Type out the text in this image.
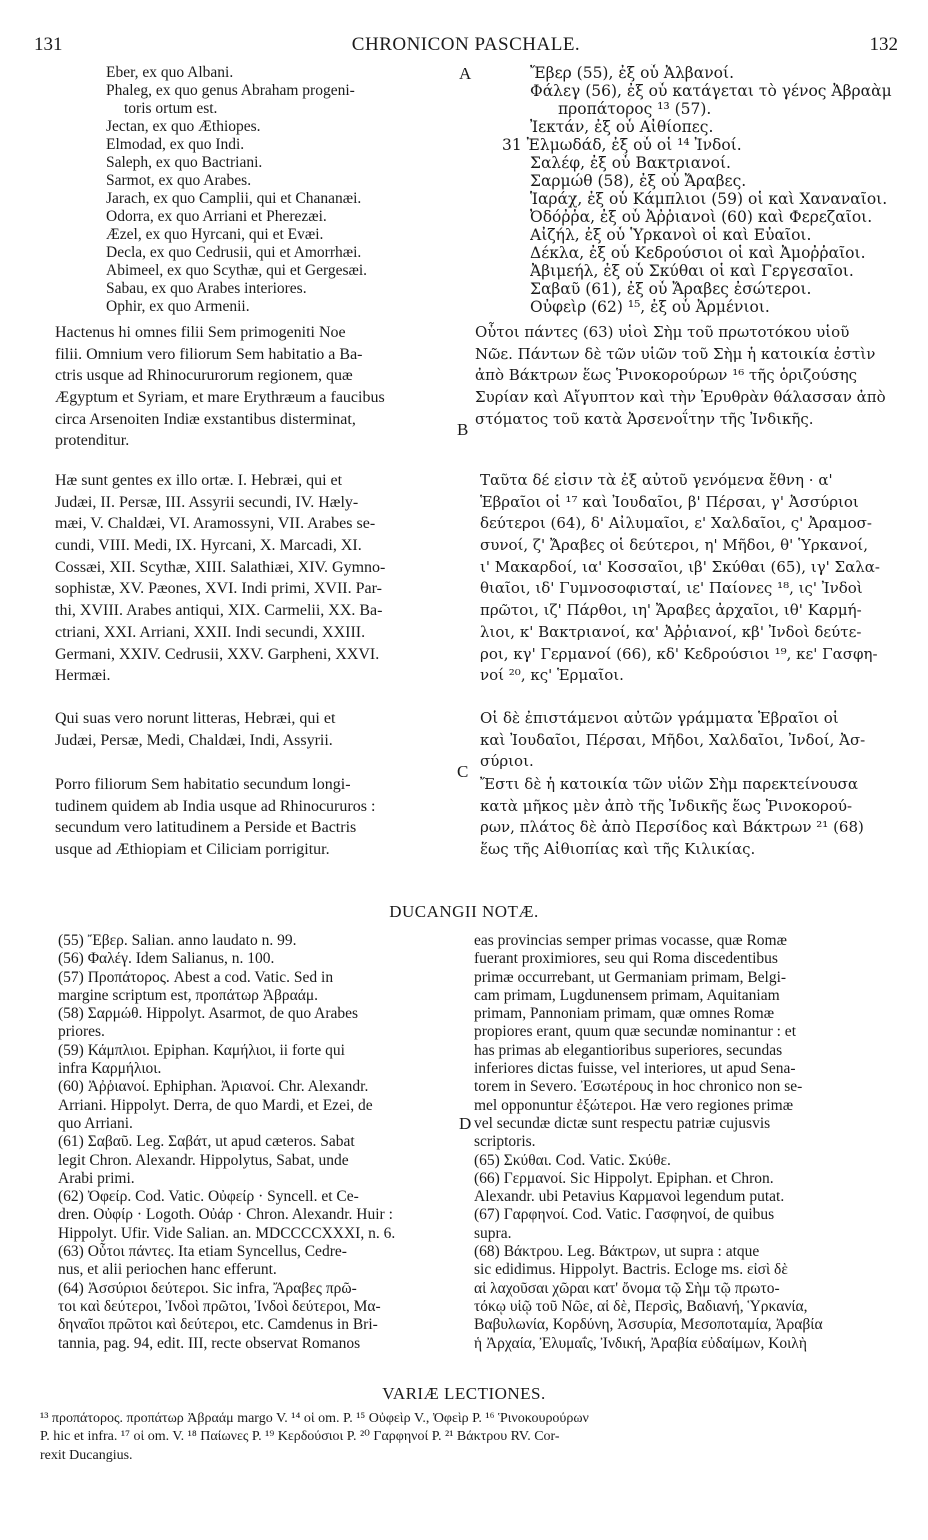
131	CHRONICON PASCHALE.	132
A
B
C
D
Eber, ex quo Albani.
Phaleg, ex quo genus Abraham progeni-
toris ortum est.
Jectan, ex quo Æthiopes.
Elmodad, ex quo Indi.
Saleph, ex quo Bactriani.
Sarmot, ex quo Arabes.
Jarach, ex quo Camplii, qui et Chananæi.
Odorra, ex quo Arriani et Pherezæi.
Æzel, ex quo Hyrcani, qui et Evæi.
Decla, ex quo Cedrusii, qui et Amorrhæi.
Abimeel, ex quo Scythæ, qui et Gergesæi.
Sabau, ex quo Arabes interiores.
Ophir, ex quo Armenii.
Ἔβερ (55), ἐξ οὗ Ἀλβανοί.
Φάλεγ (56), ἐξ οὗ κατάγεται τὸ γένος Ἀβραὰμ
προπάτορος ¹³ (57).
Ἰεκτάν, ἐξ οὗ Αἰθίοπες.
31 Ἐλμωδάδ, ἐξ οὗ οἱ ¹⁴ Ἰνδοί.
Σαλέφ, ἐξ οὗ Βακτριανοί.
Σαρμώθ (58), ἐξ οὗ Ἄραβες.
Ἱαράχ, ἐξ οὗ Κάμπλιοι (59) οἱ καὶ Χαναναῖοι.
Ὀδόῤῥα, ἐξ οὗ Ἀῤῥιανοὶ (60) καὶ Φερεζαῖοι.
Αἰζήλ, ἐξ οὗ Ὑρκανοὶ οἱ καὶ Εὐαῖοι.
Δέκλα, ἐξ οὗ Κεδρούσιοι οἱ καὶ Ἀμοῤῥαῖοι.
Ἀβιμεήλ, ἐξ οὗ Σκύθαι οἱ καὶ Γεργεσαῖοι.
Σαβαῦ (61), ἐξ οὗ Ἄραβες ἐσώτεροι.
Οὐφεὶρ (62) ¹⁵, ἐξ οὗ Ἀρμένιοι.
Hactenus hi omnes filii Sem primogeniti Noe
filii. Omnium vero filiorum Sem habitatio a Ba-
ctris usque ad Rhinocururorum regionem, quæ
Ægyptum et Syriam, et mare Erythræum a faucibus
circa Arsenoiten Indiæ exstantibus disterminat,
protenditur.
Οὗτοι πάντες (63) υἱοὶ Σὴμ τοῦ πρωτοτόκου υἱοῦ
Νῶε. Πάντων δὲ τῶν υἱῶν τοῦ Σὴμ ἡ κατοικία ἐστὶν
ἀπὸ Βάκτρων ἕως Ῥινοκορούρων ¹⁶ τῆς ὁριζούσης
Συρίαν καὶ Αἴγυπτον καὶ τὴν Ἐρυθρὰν θάλασσαν ἀπὸ
στόματος τοῦ κατὰ Ἀρσενοΐτην τῆς Ἰνδικῆς.
Hæ sunt gentes ex illo ortæ. I. Hebræi, qui et
Judæi, II. Persæ, III. Assyrii secundi, IV. Hæly-
mæi, V. Chaldæi, VI. Aramossyni, VII. Arabes se-
cundi, VIII. Medi, IX. Hyrcani, X. Marcadi, XI.
Cossæi, XII. Scythæ, XIII. Salathiæi, XIV. Gymno-
sophistæ, XV. Pæones, XVI. Indi primi, XVII. Par-
thi, XVIII. Arabes antiqui, XIX. Carmelii, XX. Ba-
ctriani, XXI. Arriani, XXII. Indi secundi, XXIII.
Germani, XXIV. Cedrusii, XXV. Garpheni, XXVI.
Hermæi.
Ταῦτα δέ εἰσιν τὰ ἐξ αὐτοῦ γενόμενα ἔθνη · α'
Ἑβραῖοι οἱ ¹⁷ καὶ Ἰουδαῖοι, β' Πέρσαι, γ' Ἀσσύριοι
δεύτεροι (64), δ' Αἰλυμαῖοι, ε' Χαλδαῖοι, ς' Ἀραμοσ-
συνοί, ζ' Ἄραβες οἱ δεύτεροι, η' Μῆδοι, θ' Ὑρκανοί,
ι' Μακαρδοί, ια' Κοσσαῖοι, ιβ' Σκύθαι (65), ιγ' Σαλα-
θιαῖοι, ιδ' Γυμνοσοφισταί, ιε' Παίονες ¹⁸, ις' Ἰνδοὶ
πρῶτοι, ιζ' Πάρθοι, ιη' Ἄραβες ἀρχαῖοι, ιθ' Καρμή-
λιοι, κ' Βακτριανοί, κα' Ἀῤῥιανοί, κβ' Ἰνδοὶ δεύτε-
ροι, κγ' Γερμανοί (66), κδ' Κεδρούσιοι ¹⁹, κε' Γασφη-
νοί ²⁰, κς' Ἑρμαῖοι.
Qui suas vero norunt litteras, Hebræi, qui et
Judæi, Persæ, Medi, Chaldæi, Indi, Assyrii.
Οἱ δὲ ἐπιστάμενοι αὐτῶν γράμματα Ἑβραῖοι οἱ
καὶ Ἰουδαῖοι, Πέρσαι, Μῆδοι, Χαλδαῖοι, Ἰνδοί, Ἀσ-
σύριοι.
Porro filiorum Sem habitatio secundum longi-
tudinem quidem ab India usque ad Rhinocururos :
secundum vero latitudinem a Perside et Bactris
usque ad Æthiopiam et Ciliciam porrigitur.
Ἔστι δὲ ἡ κατοικία τῶν υἱῶν Σὴμ παρεκτείνουσα
κατὰ μῆκος μὲν ἀπὸ τῆς Ἰνδικῆς ἕως Ῥινοκορού-
ρων, πλάτος δὲ ἀπὸ Περσίδος καὶ Βάκτρων ²¹ (68)
ἕως τῆς Αἰθιοπίας καὶ τῆς Κιλικίας.
DUCANGII NOTÆ.
(55) Ἔβερ. Salian. anno laudato n. 99.
(56) Φαλέγ. Idem Salianus, n. 100.
(57) Προπάτορος. Abest a cod. Vatic. Sed in
margine scriptum est, προπάτωρ Ἀβραάμ.
(58) Σαρμώθ. Hippolyt. Asarmot, de quo Arabes
priores.
(59) Κάμπλιοι. Epiphan. Καμήλιοι, ii forte qui
infra Καρμήλιοι.
(60) Ἀῤῥιανοί. Ephiphan. Ἀριανοί. Chr. Alexandr.
Arriani. Hippolyt. Derra, de quo Mardi, et Ezei, de
quo Arriani.
(61) Σαβαῦ. Leg. Σαβάτ, ut apud cæteros. Sabat
legit Chron. Alexandr. Hippolytus, Sabat, unde
Arabi primi.
(62) Ὀφείρ. Cod. Vatic. Οὐφείρ · Syncell. et Ce-
dren. Οὐφίρ · Logoth. Οὐάρ · Chron. Alexandr. Huir :
Hippolyt. Ufir. Vide Salian. an. MDCCCCXXXI, n. 6.
(63) Οὗτοι πάντες. Ita etiam Syncellus, Cedre-
nus, et alii periochen hanc efferunt.
(64) Ἀσσύριοι δεύτεροι. Sic infra, Ἄραβες πρῶ-
τοι καὶ δεύτεροι, Ἰνδοὶ πρῶτοι, Ἰνδοὶ δεύτεροι, Μα-
δηναῖοι πρῶτοι καὶ δεύτεροι, etc. Camdenus in Bri-
tannia, pag. 94, edit. III, recte observat Romanos
eas provincias semper primas vocasse, quæ Romæ
fuerant proximiores, seu qui Roma discedentibus
primæ occurrebant, ut Germaniam primam, Belgi-
cam primam, Lugdunensem primam, Aquitaniam
primam, Pannoniam primam, quæ omnes Romæ
propiores erant, quum quæ secundæ nominantur : et
has primas ab elegantioribus superiores, secundas
inferiores dictas fuisse, vel interiores, ut apud Sena-
torem in Severo. Ἐσωτέρους in hoc chronico non se-
mel opponuntur ἐξώτεροι. Hæ vero regiones primæ
vel secundæ dictæ sunt respectu patriæ cujusvis
scriptoris.
(65) Σκύθαι. Cod. Vatic. Σκύθε.
(66) Γερμανοί. Sic Hippolyt. Epiphan. et Chron.
Alexandr. ubi Petavius Καρμανοὶ legendum putat.
(67) Γαρφηνοί. Cod. Vatic. Γασφηνοί, de quibus
supra.
(68) Βάκτρου. Leg. Βάκτρων, ut supra : atque
sic edidimus. Hippolyt. Bactris. Ecloge ms. εἰσὶ δὲ
αἱ λαχοῦσαι χῶραι κατ' ὄνομα τῷ Σὴμ τῷ πρωτο-
τόκῳ υἱῷ τοῦ Νῶε, αἱ δὲ, Περσὶς, Βαδιανή, Ὑρκανία,
Βαβυλωνία, Κορδύνη, Ἀσσυρία, Μεσοποταμία, Ἀραβία
ἡ Ἀρχαία, Ἐλυμαΐς, Ἰνδική, Ἀραβία εὐδαίμων, Κοιλὴ
VARIÆ LECTIONES.
¹³ προπάτορος. προπάτωρ Ἀβραάμ margo V. ¹⁴ οἱ om. P. ¹⁵ Οὐφεὶρ V., Ὀφεὶρ P. ¹⁶ Ῥινοκουρούρων
P. hic et infra. ¹⁷ οἱ om. V. ¹⁸ Παίωνες P. ¹⁹ Κερδούσιοι P. ²⁰ Γαρφηνοί P. ²¹ Βάκτρου RV. Cor-
rexit Ducangius.
